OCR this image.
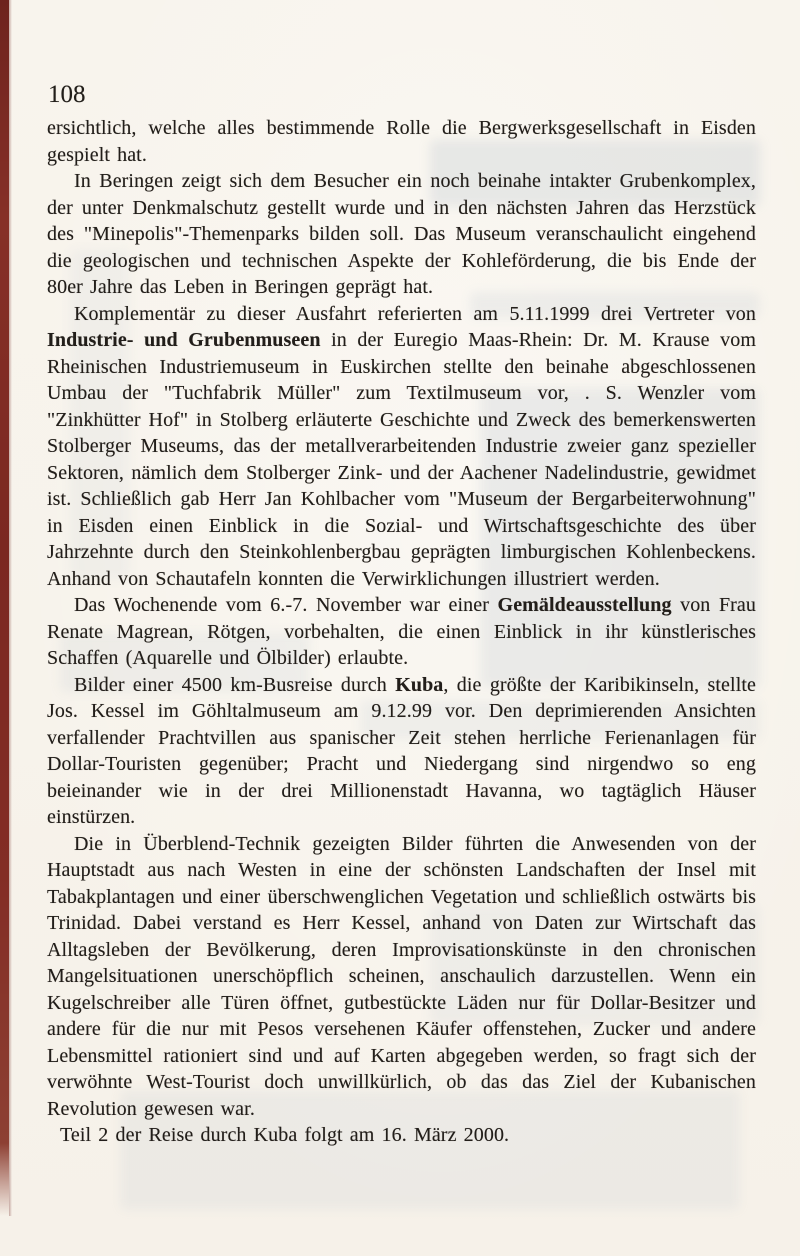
108

ersichtlich, welche alles bestimmende Rolle die Bergwerksgesellschaft in Eisden gespielt hat.

In Beringen zeigt sich dem Besucher ein noch beinahe intakter Grubenkomplex, der unter Denkmalschutz gestellt wurde und in den nächsten Jahren das Herzstück des "Minepolis"-Themenparks bilden soll. Das Museum veranschaulicht eingehend die geologischen und technischen Aspekte der Kohleförderung, die bis Ende der 80er Jahre das Leben in Beringen geprägt hat.

Komplementär zu dieser Ausfahrt referierten am 5.11.1999 drei Vertreter von Industrie- und Grubenmuseen in der Euregio Maas-Rhein: Dr. M. Krause vom Rheinischen Industriemuseum in Euskirchen stellte den beinahe abgeschlossenen Umbau der "Tuchfabrik Müller" zum Textilmuseum vor, . S. Wenzler vom "Zinkhütter Hof" in Stolberg erläuterte Geschichte und Zweck des bemerkenswerten Stolberger Museums, das der metallverarbeitenden Industrie zweier ganz spezieller Sektoren, nämlich dem Stolberger Zink- und der Aachener Nadelindustrie, gewidmet ist. Schließlich gab Herr Jan Kohlbacher vom "Museum der Bergarbeiterwohnung" in Eisden einen Einblick in die Sozial- und Wirtschaftsgeschichte des über Jahrzehnte durch den Steinkohlenbergbau geprägten limburgischen Kohlenbeckens. Anhand von Schautafeln konnten die Verwirklichungen illustriert werden.

Das Wochenende vom 6.-7. November war einer Gemäldeausstellung von Frau Renate Magrean, Rötgen, vorbehalten, die einen Einblick in ihr künstlerisches Schaffen (Aquarelle und Ölbilder) erlaubte.

Bilder einer 4500 km-Busreise durch Kuba, die größte der Karibikinseln, stellte Jos. Kessel im Göhltalmuseum am 9.12.99 vor. Den deprimierenden Ansichten verfallender Prachtvillen aus spanischer Zeit stehen herrliche Ferienanlagen für Dollar-Touristen gegenüber; Pracht und Niedergang sind nirgendwo so eng beieinander wie in der drei Millionenstadt Havanna, wo tagtäglich Häuser einstürzen.

Die in Überblend-Technik gezeigten Bilder führten die Anwesenden von der Hauptstadt aus nach Westen in eine der schönsten Landschaften der Insel mit Tabakplantagen und einer überschwenglichen Vegetation und schließlich ostwärts bis Trinidad. Dabei verstand es Herr Kessel, anhand von Daten zur Wirtschaft das Alltagsleben der Bevölkerung, deren Improvisationskünste in den chronischen Mangelsituationen unerschöpflich scheinen, anschaulich darzustellen. Wenn ein Kugelschreiber alle Türen öffnet, gutbestückte Läden nur für Dollar-Besitzer und andere für die nur mit Pesos versehenen Käufer offenstehen, Zucker und andere Lebensmittel rationiert sind und auf Karten abgegeben werden, so fragt sich der verwöhnte West-Tourist doch unwillkürlich, ob das das Ziel der Kubanischen Revolution gewesen war.

Teil 2 der Reise durch Kuba folgt am 16. März 2000.
